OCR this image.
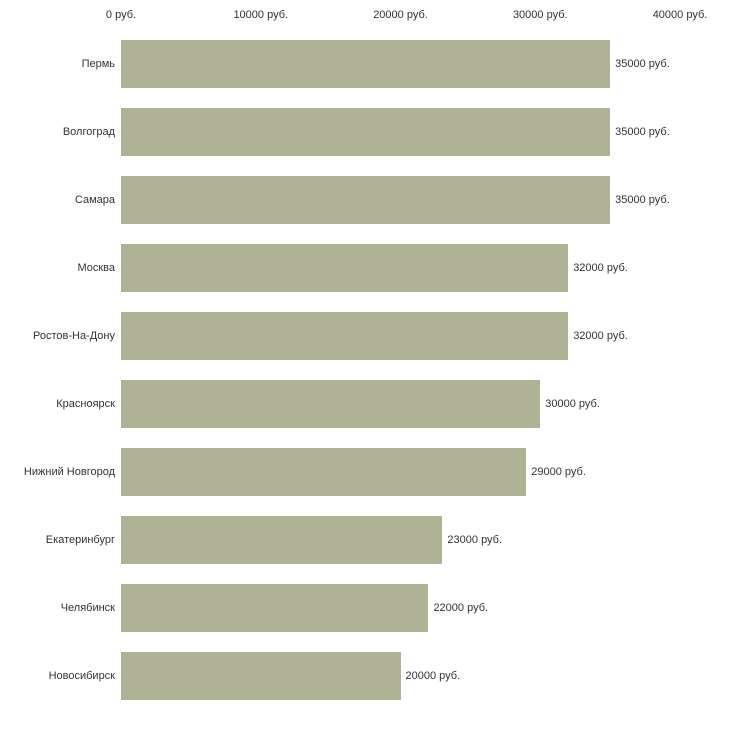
0 руб.	10000 руб.	20000 руб.	30000 руб.	40000 руб.
Пермь	35000 руб.
Волгоград	35000 руб.
Самара	35000 руб.
Москва	32000 руб.
Ростов-На-Дону	32000 руб.
Красноярск	30000 руб.
Нижний Новгород	29000 руб.
Екатеринбург	23000 руб.
Челябинск	22000 руб.
Новосибирск	20000 руб.
